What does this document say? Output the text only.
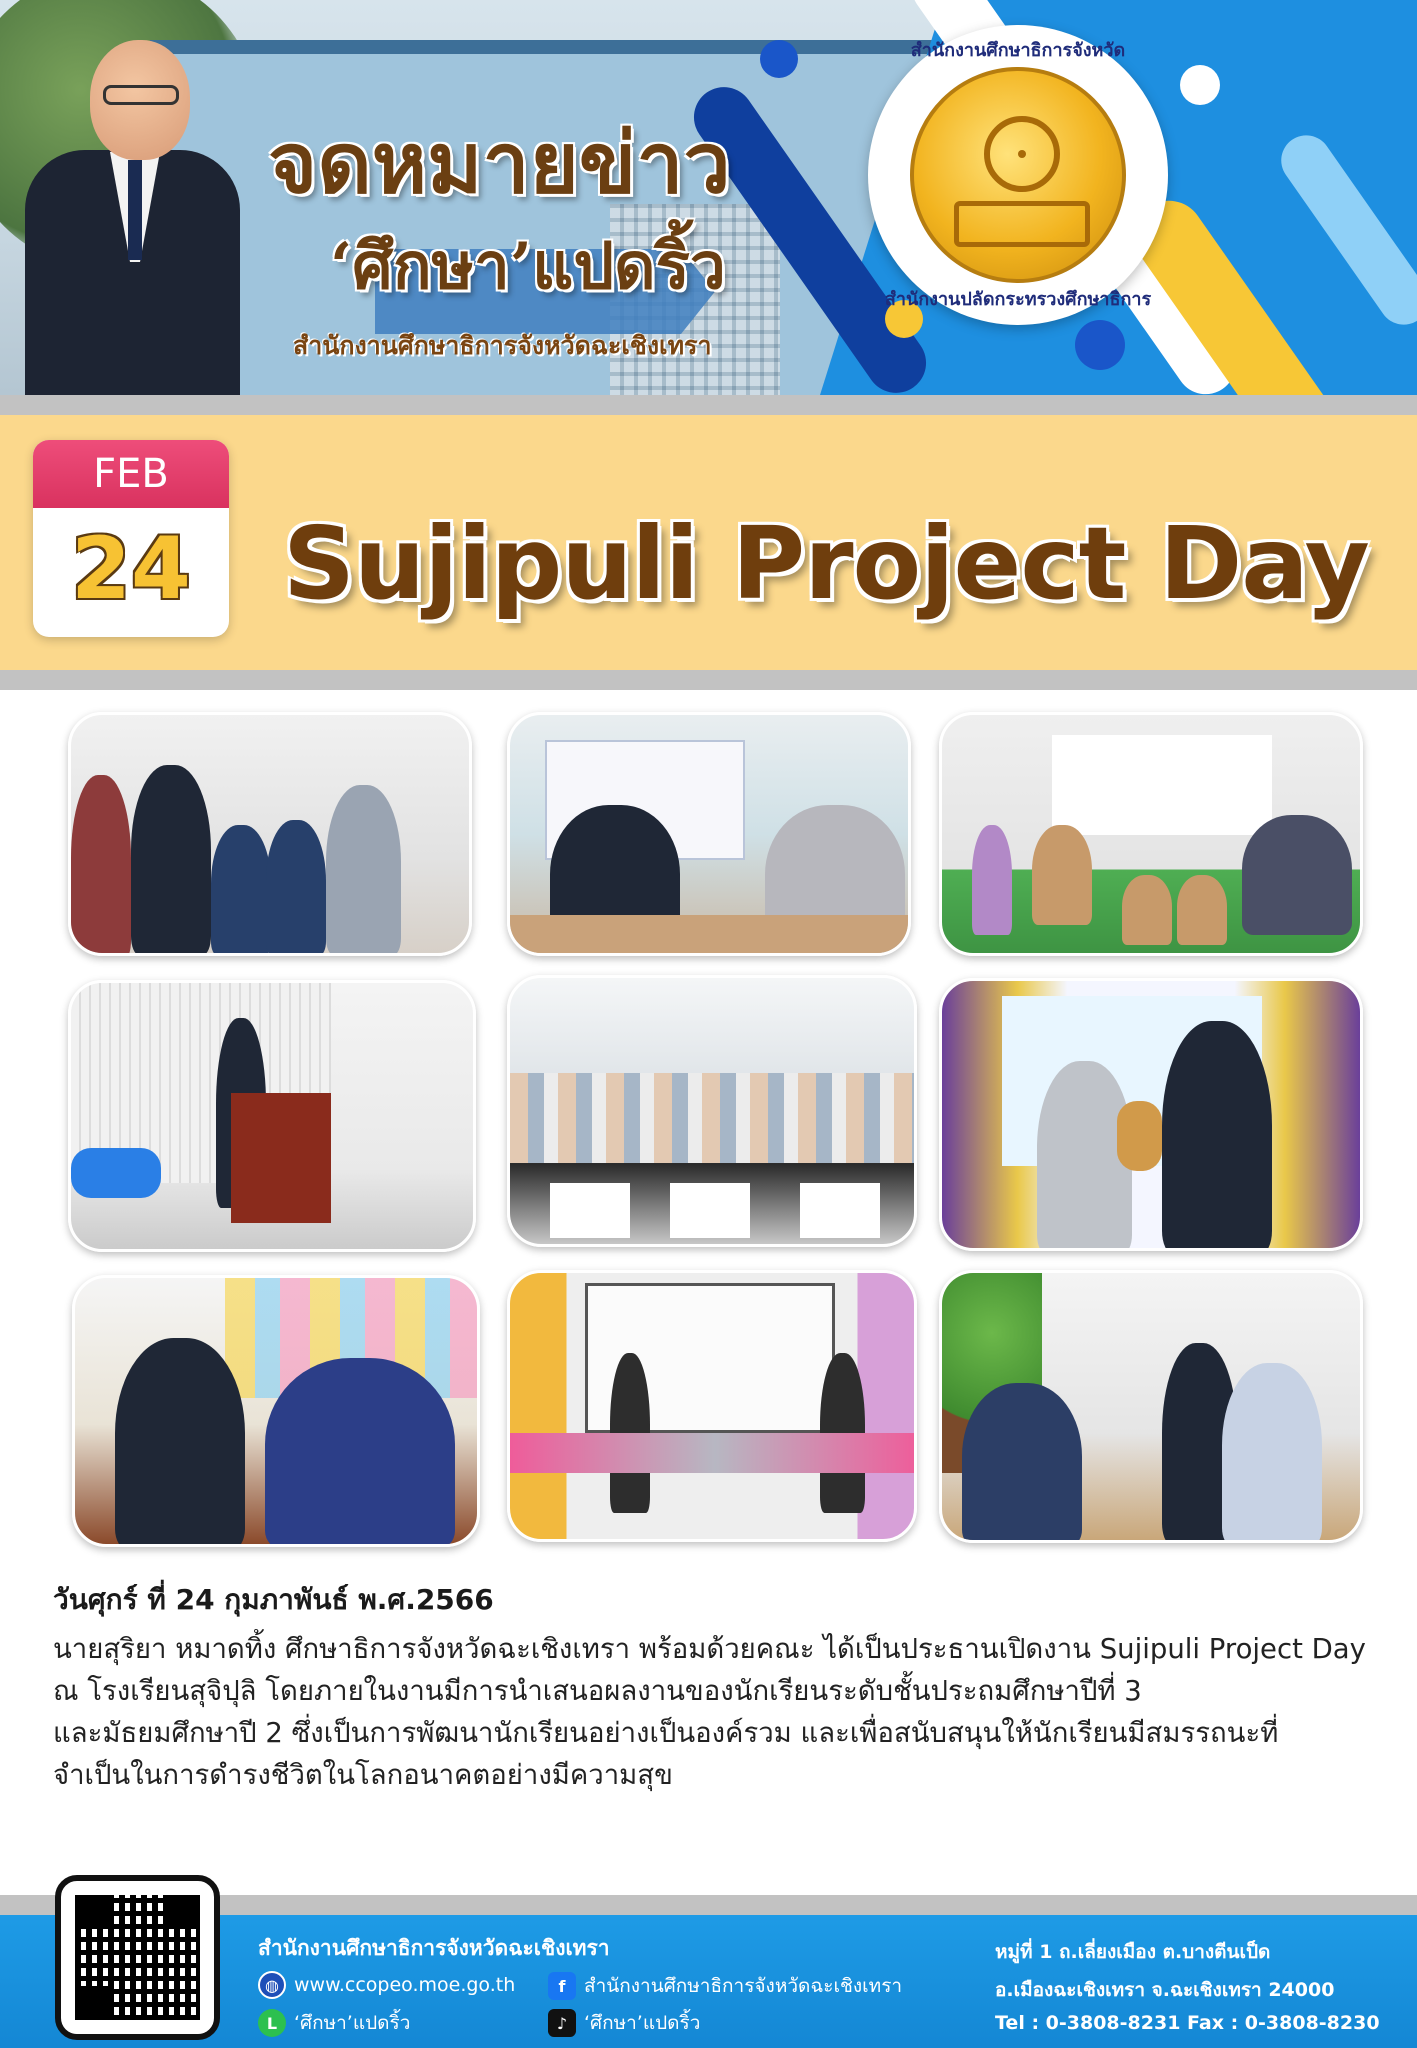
จดหมายข่าว
‘ศึกษา’แปดริ้ว
สำนักงานศึกษาธิการจังหวัดฉะเชิงเทรา
สำนักงานศึกษาธิการจังหวัด
สำนักงานปลัดกระทรวงศึกษาธิการ
FEB
24 Sujipuli Project Day
วันศุกร์ ที่ 24 กุมภาพันธ์ พ.ศ.2566

นายสุริยา หมาดทิ้ง ศึกษาธิการจังหวัดฉะเชิงเทรา พร้อมด้วยคณะ ได้เป็นประธานเปิดงาน Sujipuli Project Day

ณ โรงเรียนสุจิปุลิ โดยภายในงานมีการนำเสนอผลงานของนักเรียนระดับชั้นประถมศึกษาปีที่ 3

และมัธยมศึกษาปี 2 ซึ่งเป็นการพัฒนานักเรียนอย่างเป็นองค์รวม และเพื่อสนับสนุนให้นักเรียนมีสมรรถนะที่

จำเป็นในการดำรงชีวิตในโลกอนาคตอย่างมีความสุข

สำนักงานศึกษาธิการจังหวัดฉะเชิงเทรา
◍ www.ccopeo.moe.go.th	f สำนักงานศึกษาธิการจังหวัดฉะเชิงเทรา
L ‘ศึกษา’แปดริ้ว	♪ ‘ศึกษา’แปดริ้ว
หมู่ที่ 1 ถ.เลี่ยงเมือง ต.บางตีนเป็ด
อ.เมืองฉะเชิงเทรา จ.ฉะเชิงเทรา 24000
Tel : 0-3808-8231 Fax : 0-3808-8230
